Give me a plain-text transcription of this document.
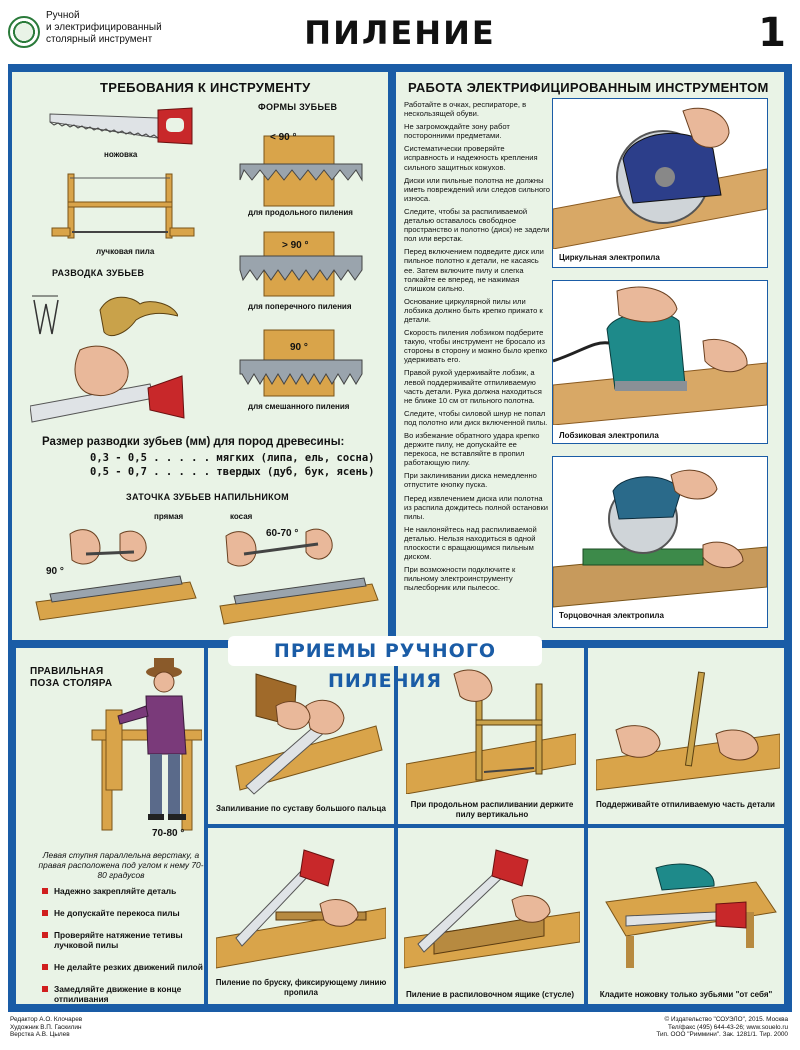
Ручной
и электрифицированный
столярный инструмент	ПИЛЕНИЕ	1
ТРЕБОВАНИЯ К ИНСТРУМЕНТУ
ножовка
лучковая пила
РАЗВОДКА ЗУБЬЕВ
ФОРМЫ ЗУБЬЕВ
< 90 °
для продольного пиления
> 90 °
для поперечного пиления
90 °
для смешанного пиления
Размер разводки зубьев (мм) для пород древесины:
0,3 - 0,5 . . . . . мягких (липа, ель, сосна)
0,5 - 0,7 . . . . . твердых (дуб, бук, ясень)
ЗАТОЧКА ЗУБЬЕВ НАПИЛЬНИКОМ
прямая	косая
90 °
60-70 °
РАБОТА ЭЛЕКТРИФИЦИРОВАННЫМ ИНСТРУМЕНТОМ

Работайте в очках, респираторе, в нескользящей обуви.

Не загромождайте зону работ посторонними предметами.

Систематически проверяйте исправность и надежность крепления сильного защитных кожухов.

Диски или пильные полотна не должны иметь повреждений или следов сильного износа.

Следите, чтобы за распиливаемой деталью оставалось свободное пространство и полотно (диск) не задели пол или верстак.

Перед включением подведите диск или пильное полотно к детали, не касаясь ее. Затем включите пилу и слегка толкайте ее вперед, не нажимая слишком сильно.

Основание циркулярной пилы или лобзика должно быть крепко прижато к детали.

Скорость пиления лобзиком подберите такую, чтобы инструмент не бросало из стороны в сторону и можно было крепко удерживать его.

Правой рукой удерживайте лобзик, а левой поддерживайте отпиливаемую часть детали. Рука должна находиться не ближе 10 см от пильного полотна.

Следите, чтобы силовой шнур не попал под полотно или диск включенной пилы.

Во избежание обратного удара крепко держите пилу, не допускайте ее перекоса, не вставляйте в пропил работающую пилу.

При заклинивании диска немедленно отпустите кнопку пуска.

Перед извлечением диска или полотна из распила дождитесь полной остановки пилы.

Не наклоняйтесь над распиливаемой деталью. Нельзя находиться в одной плоскости с вращающимся пильным диском.

При возможности подключите к пильному электроинструменту пылесборник или пылесос.

Циркульная электропила
Лобзиковая электропила
Торцовочная электропила
ПРИЕМЫ РУЧНОГО ПИЛЕНИЯ
ПРАВИЛЬНАЯ
ПОЗА СТОЛЯРА
70-80 °
Левая ступня параллельна верстаку, а правая расположена под углом к нему 70-80 градусов
Надежно закрепляйте деталь
Не допускайте перекоса пилы
Проверяйте натяжение тетивы лучковой пилы
Не делайте резких движений пилой
Замедляйте движение в конце отпиливания
Запиливание по суставу большого пальца	При продольном распиливании держите пилу вертикально
Поддерживайте отпиливаемую часть детали
Пиление по бруску, фиксирующему линию пропила	Пиление в распиловочном ящике (стусле)	Кладите ножовку только зубьями "от себя"
Редактор А.О. Клочарев
Художник В.П. Гаскилин
Верстка А.В. Цылев
© Издательство "СОУЭЛО", 2015. Москва
Тел/факс (495) 644-43-26; www.souelo.ru
Тип. ООО "Риммини". Зак. 1281/1. Тир. 2000
